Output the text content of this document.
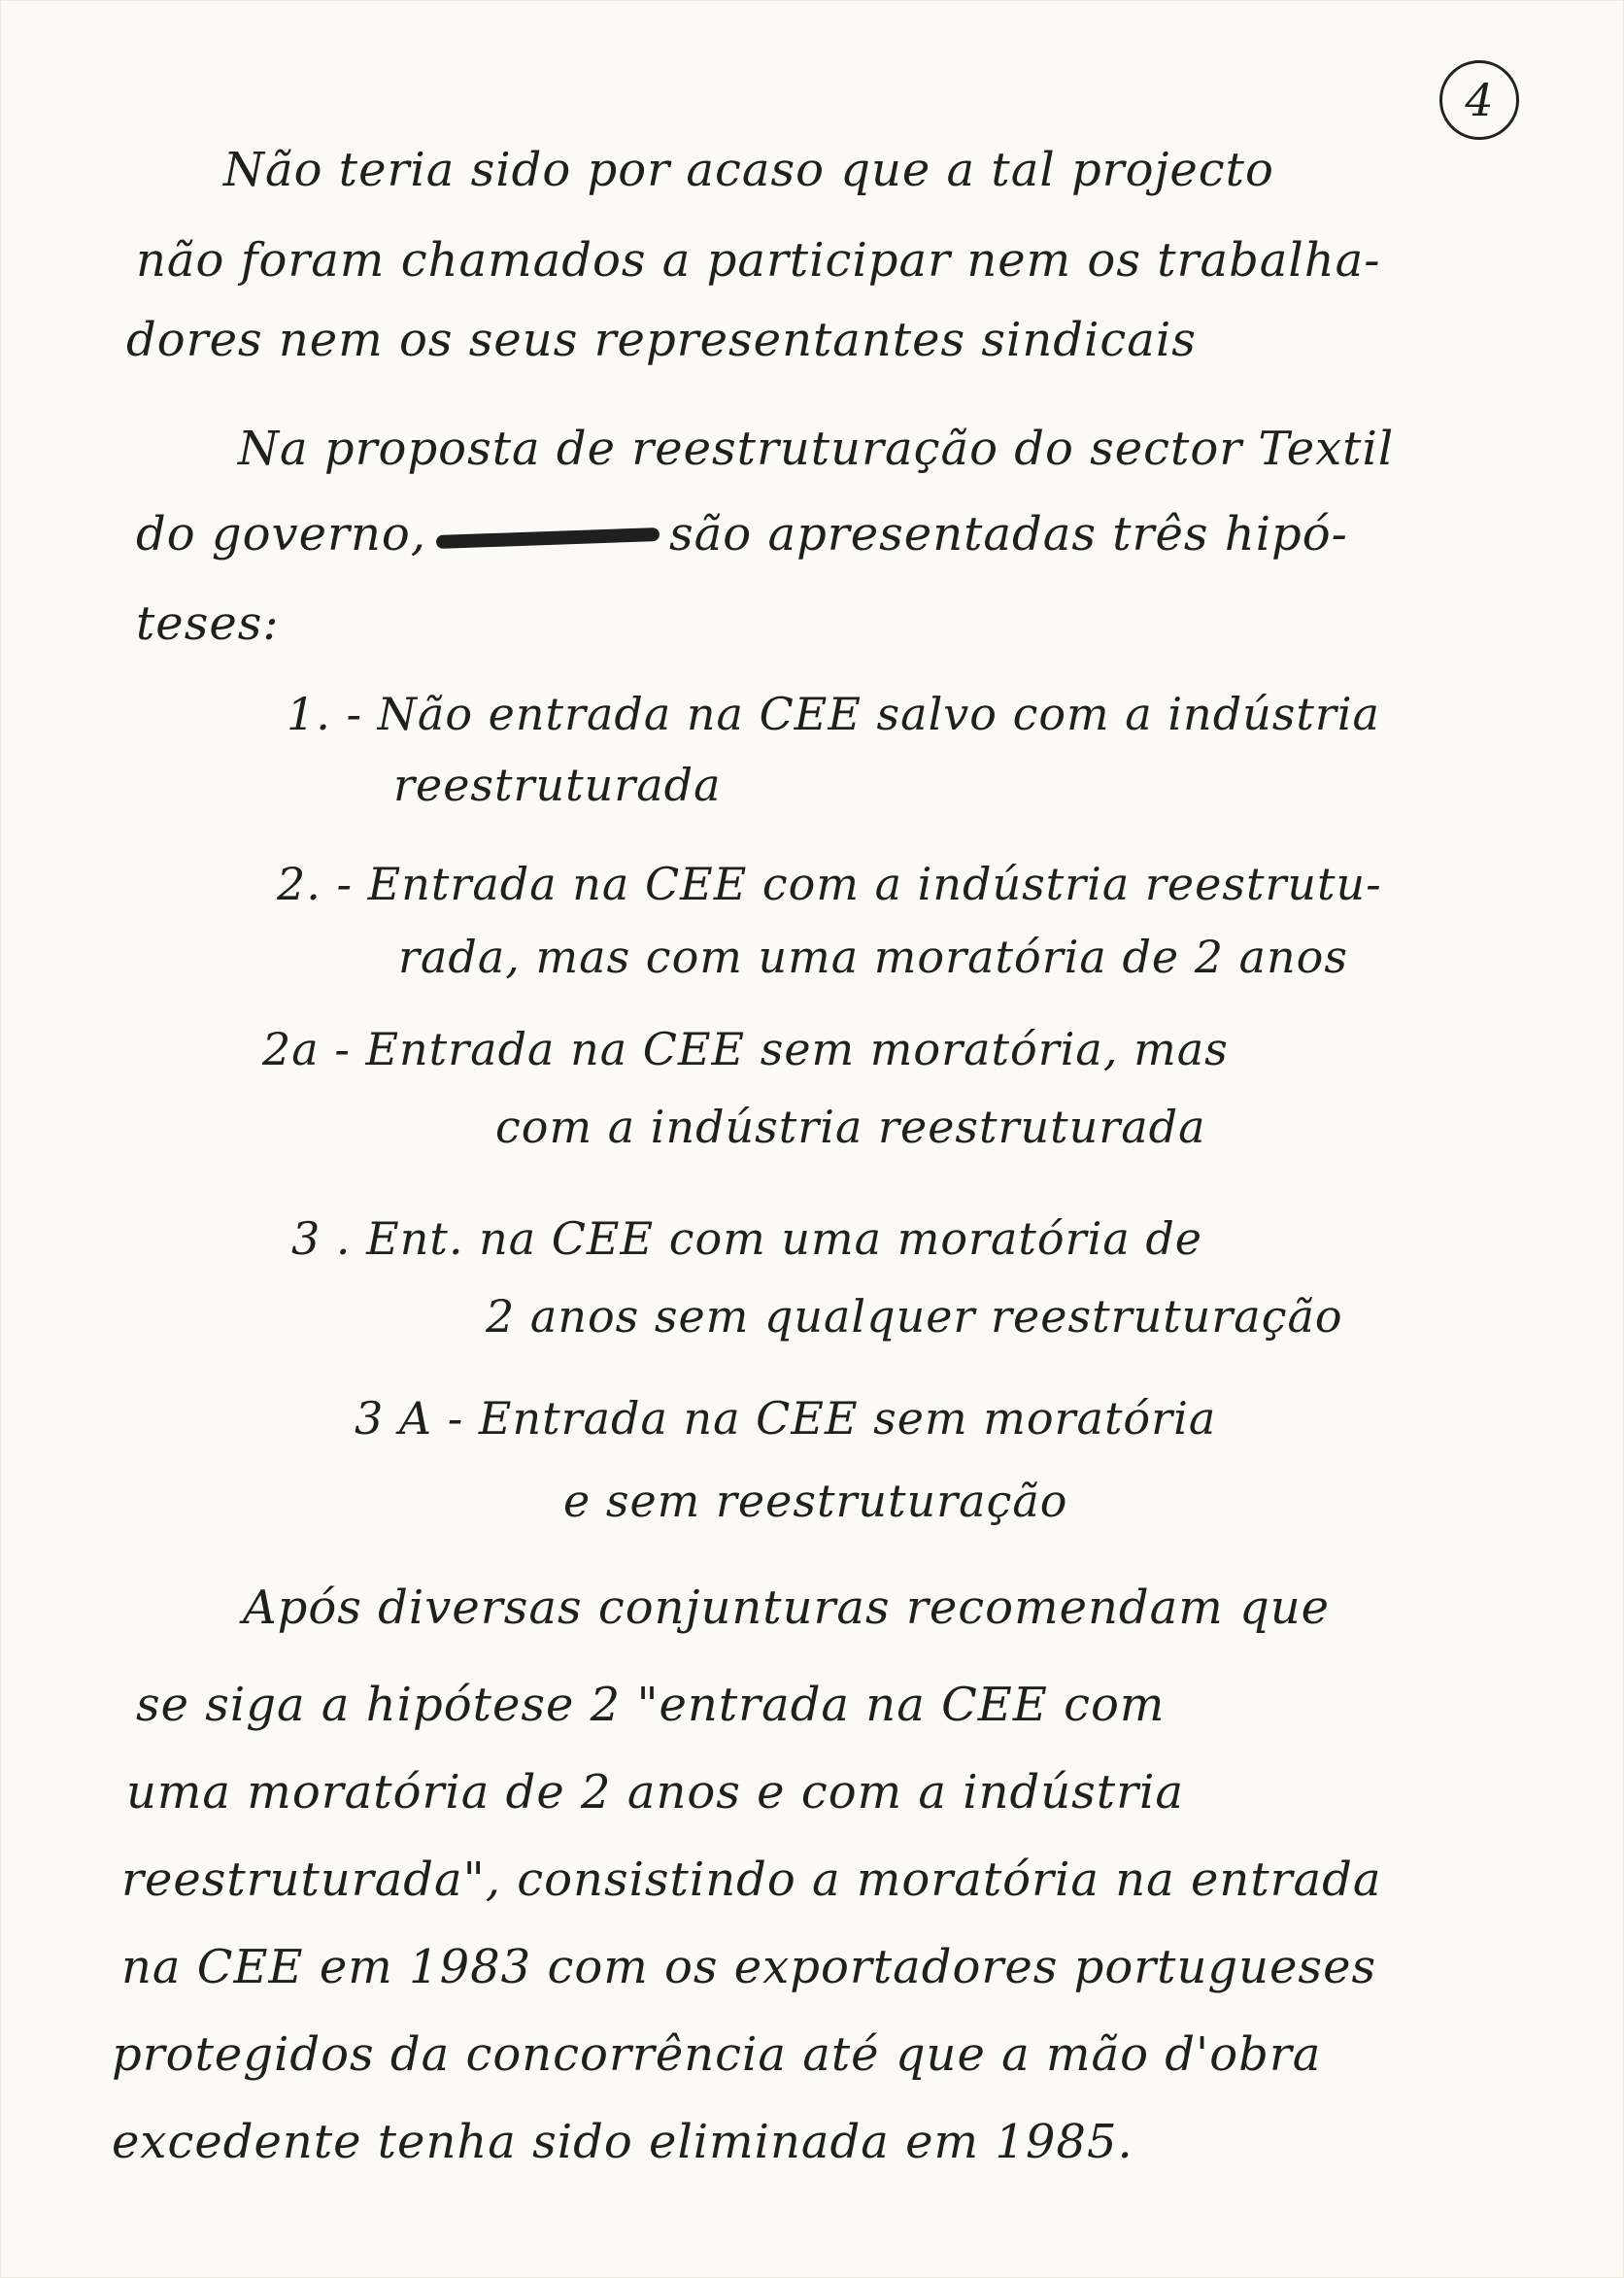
4
Não teria sido por acaso que a tal projecto
não foram chamados a participar nem os trabalha-
dores nem os seus representantes sindicais
Na proposta de reestruturação do sector Textil
do governo,	são apresentadas três hipó-
teses:
1. - Não entrada na CEE salvo com a indústria
reestruturada
2. - Entrada na CEE com a indústria reestrutu-
rada, mas com uma moratória de 2 anos
2a - Entrada na CEE sem moratória, mas
com a indústria reestruturada
3 . Ent. na CEE com uma moratória de
2 anos sem qualquer reestruturação
3 A - Entrada na CEE sem moratória
e sem reestruturação
Após diversas conjunturas recomendam que
se siga a hipótese 2 "entrada na CEE com
uma moratória de 2 anos e com a indústria
reestruturada", consistindo a moratória na entrada
na CEE em 1983 com os exportadores portugueses
protegidos da concorrência até que a mão d'obra
excedente tenha sido eliminada em 1985.
